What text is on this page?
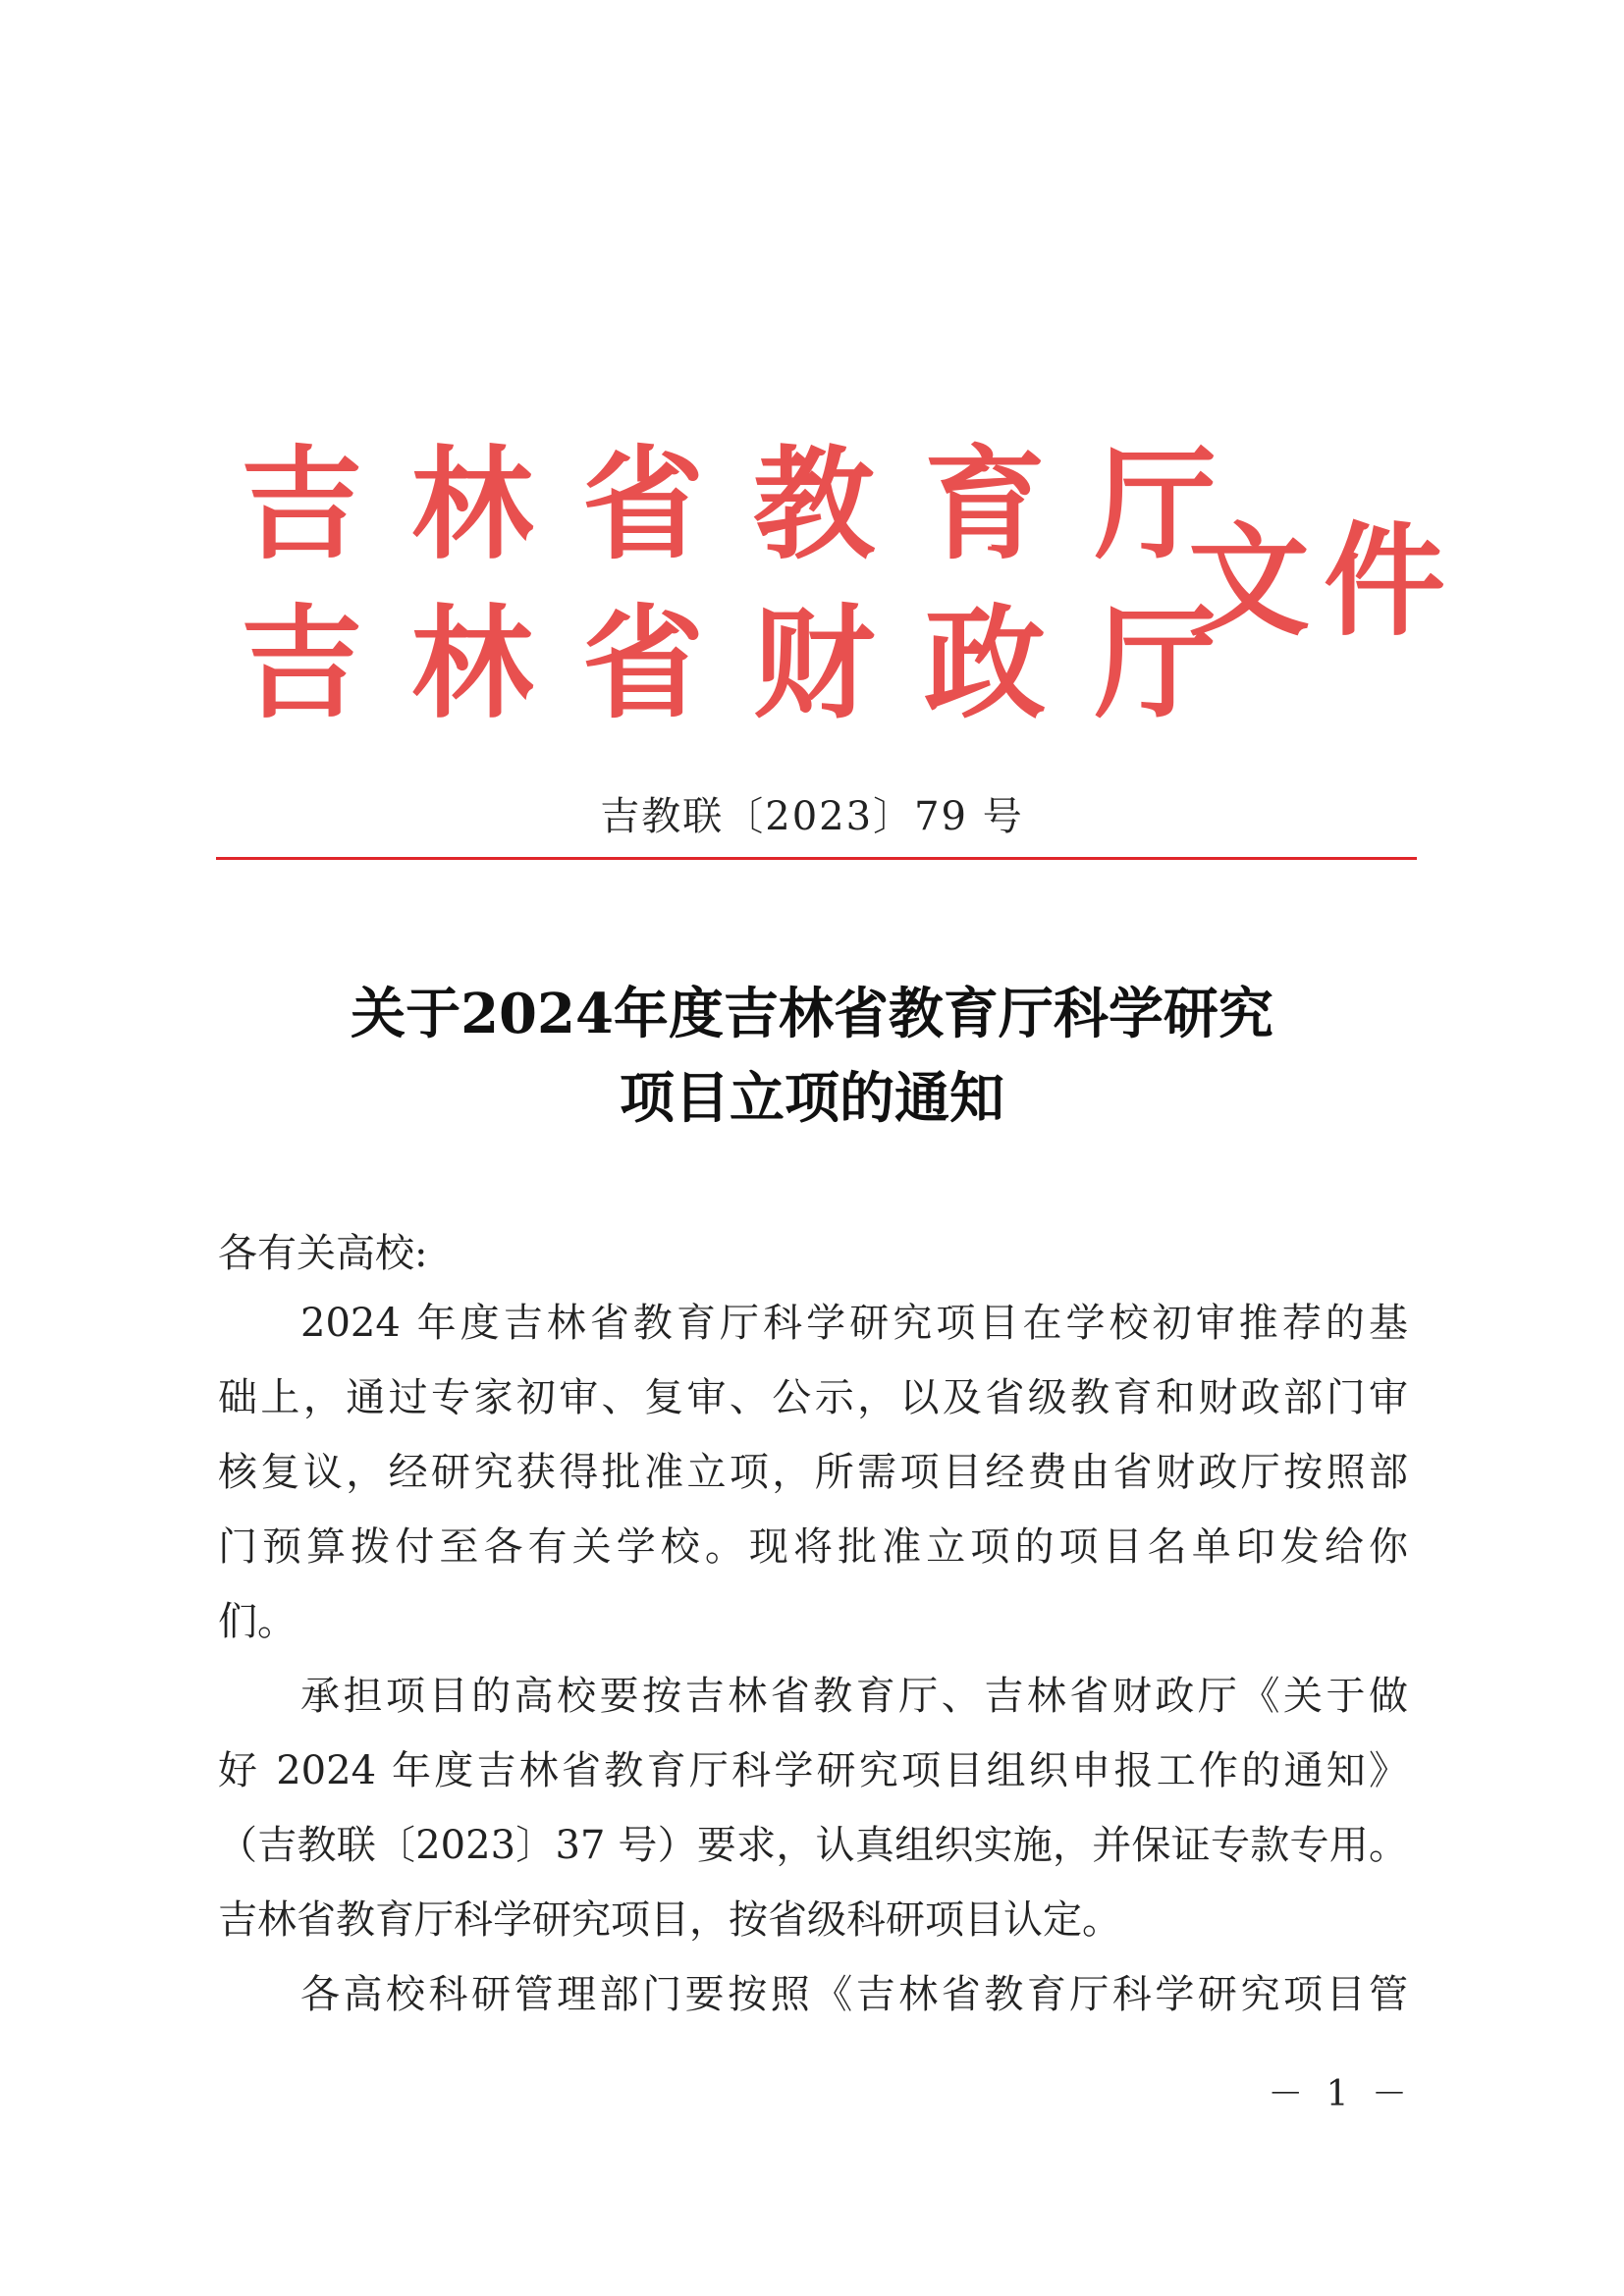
吉 林 省 教 育 厅
吉 林 省 财 政 厅
文件
吉教联〔2023〕79 号
关于2024年度吉林省教育厅科学研究
项目立项的通知
各有关高校:
2024 年度吉林省教育厅科学研究项目在学校初审推荐的基
础上，通过专家初审、复审、公示，以及省级教育和财政部门审
核复议，经研究获得批准立项，所需项目经费由省财政厅按照部
门预算拨付至各有关学校。现将批准立项的项目名单印发给你
们。
承担项目的高校要按吉林省教育厅、吉林省财政厅《关于做
好 2024 年度吉林省教育厅科学研究项目组织申报工作的通知》
（吉教联〔2023〕37 号）要求，认真组织实施，并保证专款专用。
吉林省教育厅科学研究项目，按省级科研项目认定。
各高校科研管理部门要按照《吉林省教育厅科学研究项目管
－ 1 －
